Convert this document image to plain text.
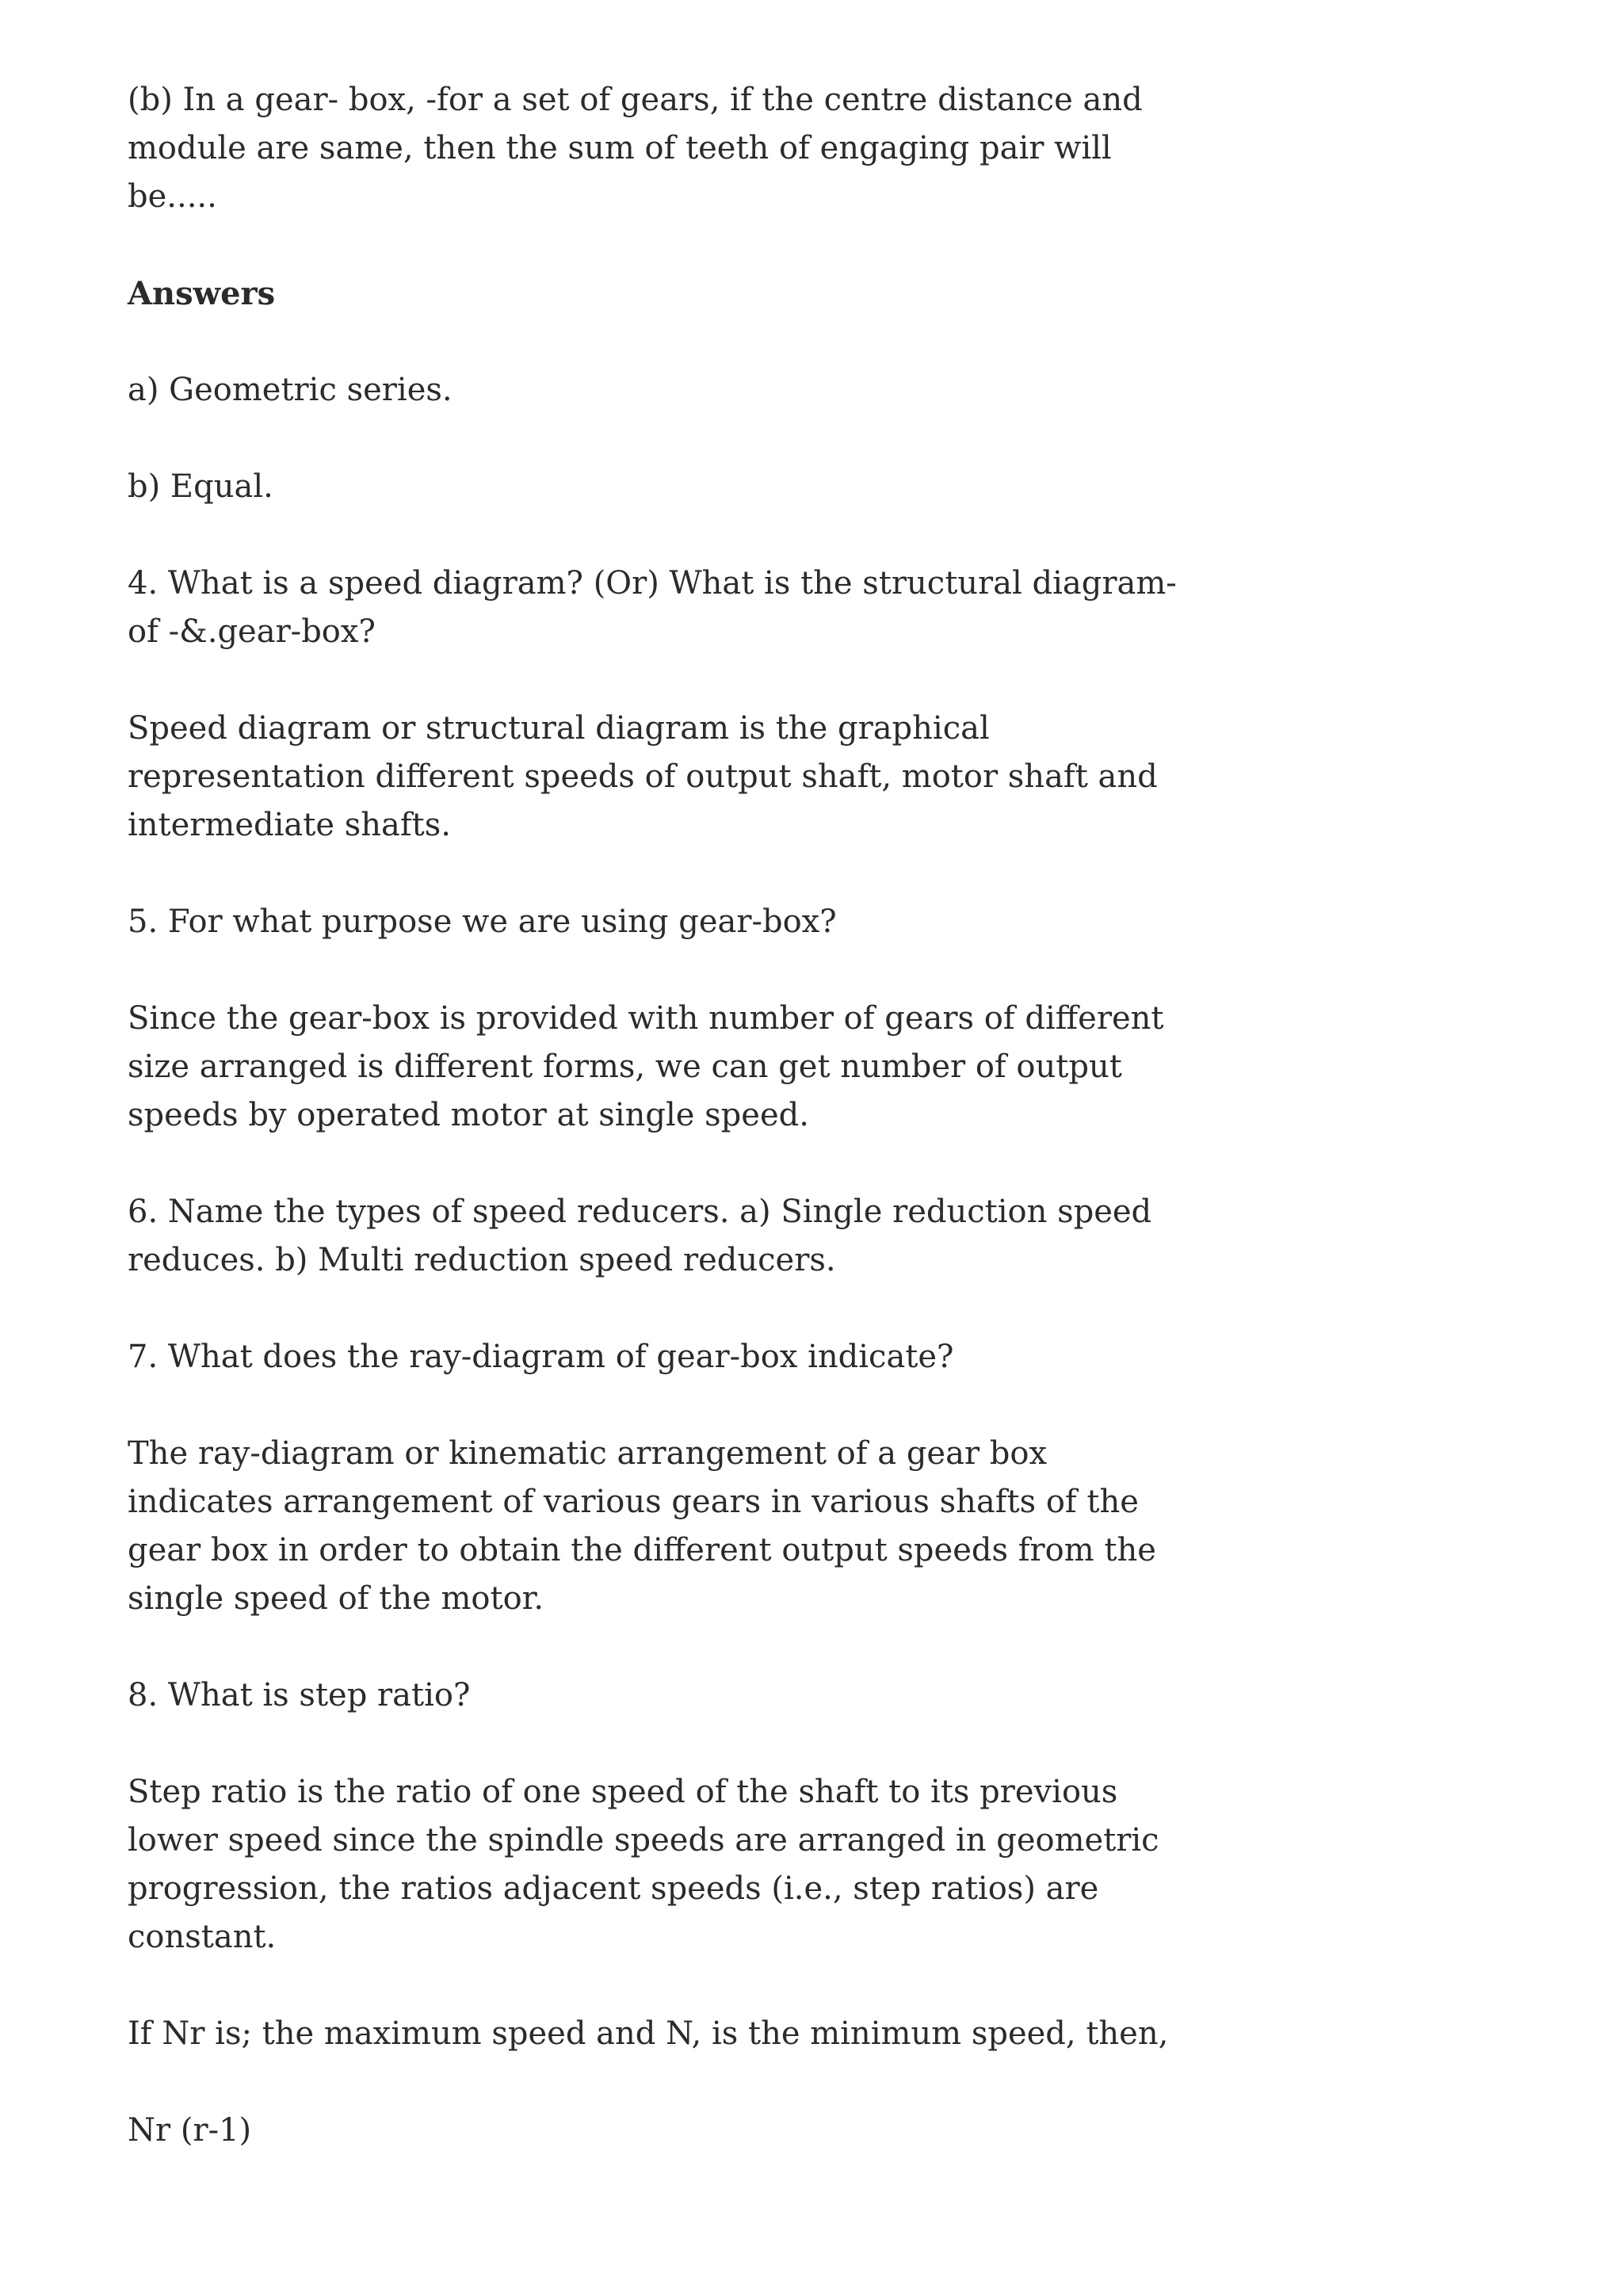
(b) In a gear- box, -for a set of gears, if the centre distance and
module are same, then the sum of teeth of engaging pair will
be.....

Answers

a) Geometric series.

b) Equal.

4. What is a speed diagram? (Or) What is the structural diagram-
of -&.gear-box?

Speed diagram or structural diagram is the graphical
representation different speeds of output shaft, motor shaft and
intermediate shafts.

5. For what purpose we are using gear-box?

Since the gear-box is provided with number of gears of different
size arranged is different forms, we can get number of output
speeds by operated motor at single speed.

6. Name the types of speed reducers. a) Single reduction speed
reduces. b) Multi reduction speed reducers.

7. What does the ray-diagram of gear-box indicate?

The ray-diagram or kinematic arrangement of a gear box
indicates arrangement of various gears in various shafts of the
gear box in order to obtain the different output speeds from the
single speed of the motor.

8. What is step ratio?

Step ratio is the ratio of one speed of the shaft to its previous
lower speed since the spindle speeds are arranged in geometric
progression, the ratios adjacent speeds (i.e., step ratios) are
constant.

If Nr is; the maximum speed and N, is the minimum speed, then,

Nr (r-1)
